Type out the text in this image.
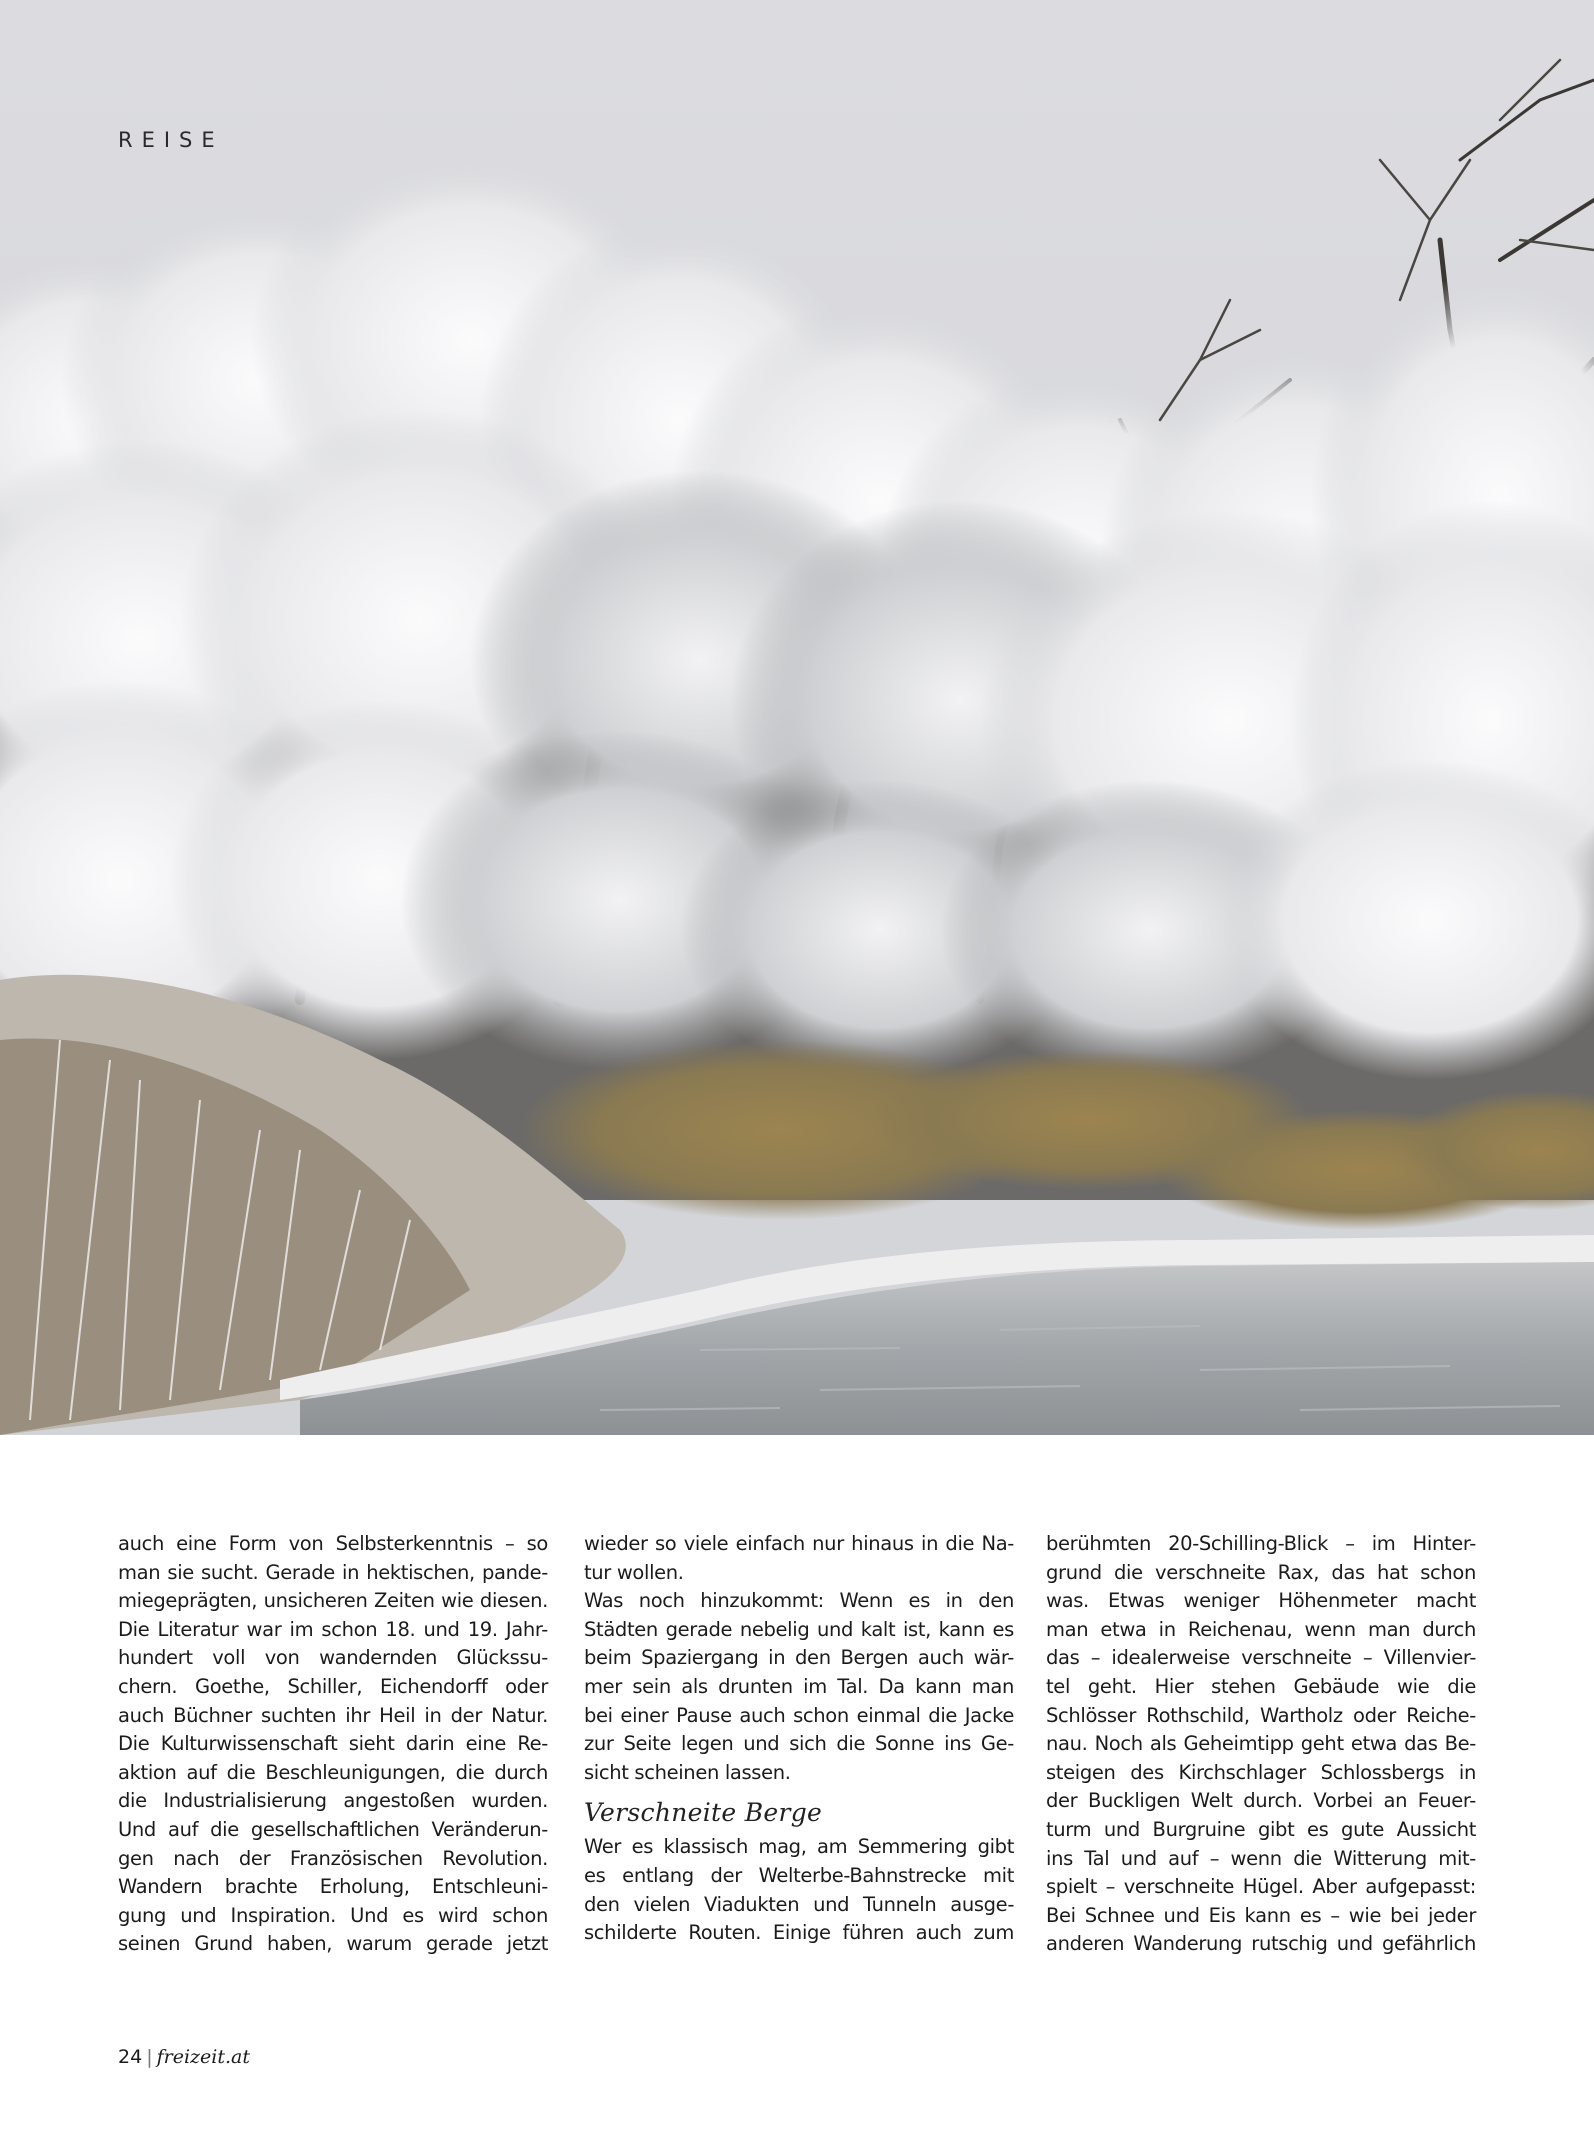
REISE
auch eine Form von Selbsterkenntnis – so
man sie sucht. Gerade in hektischen, pande-
miegeprägten, unsicheren Zeiten wie diesen.
Die Literatur war im schon 18. und 19. Jahr-
hundert voll von wandernden Glückssu-
chern. Goethe, Schiller, Eichendorff oder
auch Büchner suchten ihr Heil in der Natur.
Die Kulturwissenschaft sieht darin eine Re-
aktion auf die Beschleunigungen, die durch
die Industrialisierung angestoßen wurden.
Und auf die gesellschaftlichen Veränderun-
gen nach der Französischen Revolution.
Wandern brachte Erholung, Entschleuni-
gung und Inspiration. Und es wird schon
seinen Grund haben, warum gerade jetzt
wieder so viele einfach nur hinaus in die Na-
tur wollen.
Was noch hinzukommt: Wenn es in den
Städten gerade nebelig und kalt ist, kann es
beim Spaziergang in den Bergen auch wär-
mer sein als drunten im Tal. Da kann man
bei einer Pause auch schon einmal die Jacke
zur Seite legen und sich die Sonne ins Ge-
sicht scheinen lassen.
Verschneite Berge
Wer es klassisch mag, am Semmering gibt
es entlang der Welterbe-Bahnstrecke mit
den vielen Viadukten und Tunneln ausge-
schilderte Routen. Einige führen auch zum
berühmten 20-Schilling-Blick – im Hinter-
grund die verschneite Rax, das hat schon
was. Etwas weniger Höhenmeter macht
man etwa in Reichenau, wenn man durch
das – idealerweise verschneite – Villenvier-
tel geht. Hier stehen Gebäude wie die
Schlösser Rothschild, Wartholz oder Reiche-
nau. Noch als Geheimtipp geht etwa das Be-
steigen des Kirchschlager Schlossbergs in
der Buckligen Welt durch. Vorbei an Feuer-
turm und Burgruine gibt es gute Aussicht
ins Tal und auf – wenn die Witterung mit-
spielt – verschneite Hügel. Aber aufgepasst:
Bei Schnee und Eis kann es – wie bei jeder
anderen Wanderung rutschig und gefährlich
24 | freizeit.at
